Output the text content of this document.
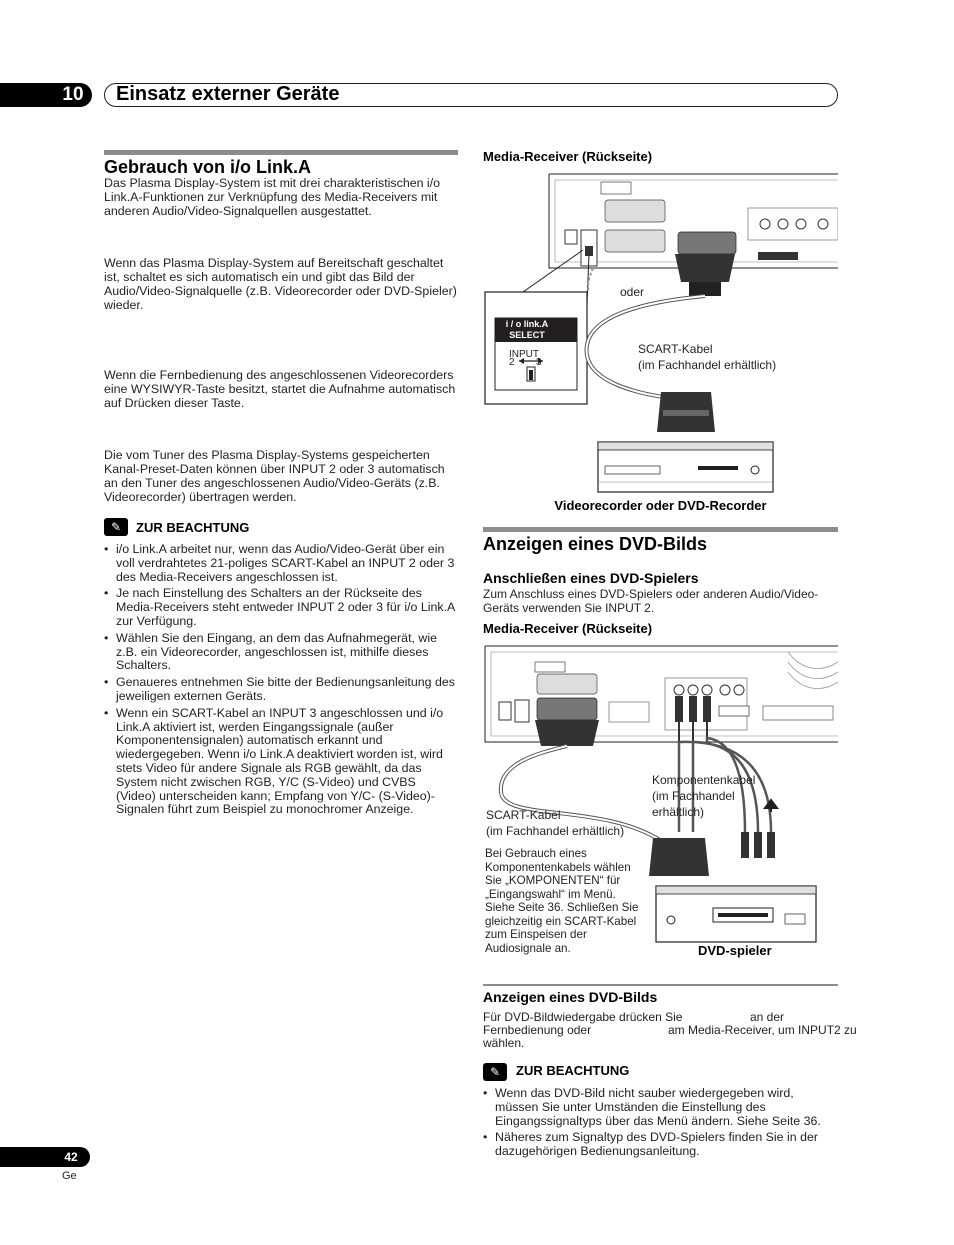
10 Einsatz externer Geräte
Gebrauch von i/o Link.A
Das Plasma Display-System ist mit drei charakteristischen i/o Link.A-Funktionen zur Verknüpfung des Media-Receivers mit anderen Audio/Video-Signalquellen ausgestattet.
Wenn das Plasma Display-System auf Bereitschaft geschaltet ist, schaltet es sich automatisch ein und gibt das Bild der Audio/Video-Signalquelle (z.B. Videorecorder oder DVD-Spieler) wieder.
Wenn die Fernbedienung des angeschlossenen Videorecorders eine WYSIWYR-Taste besitzt, startet die Aufnahme automatisch auf Drücken dieser Taste.
Die vom Tuner des Plasma Display-Systems gespeicherten Kanal-Preset-Daten können über INPUT 2 oder 3 automatisch an den Tuner des angeschlossenen Audio/Video-Geräts (z.B. Videorecorder) übertragen werden.
✎	ZUR BEACHTUNG
• i/o Link.A arbeitet nur, wenn das Audio/Video-Gerät über ein voll verdrahtetes 21-poliges SCART-Kabel an INPUT 2 oder 3 des Media-Receivers angeschlossen ist.
• Je nach Einstellung des Schalters an der Rückseite des Media-Receivers steht entweder INPUT 2 oder 3 für i/o Link.A zur Verfügung.
• Wählen Sie den Eingang, an dem das Aufnahmegerät, wie z.B. ein Videorecorder, angeschlossen ist, mithilfe dieses Schalters.
• Genaueres entnehmen Sie bitte der Bedienungsanleitung des jeweiligen externen Geräts.
• Wenn ein SCART-Kabel an INPUT 3 angeschlossen und i/o Link.A aktiviert ist, werden Eingangssignale (außer Komponentensignalen) automatisch erkannt und wiedergegeben. Wenn i/o Link.A deaktiviert worden ist, wird stets Video für andere Signale als RGB gewählt, da das System nicht zwischen RGB, Y/C (S-Video) und CVBS (Video) unterscheiden kann; Empfang von Y/C- (S-Video)-Signalen führt zum Beispiel zu monochromer Anzeige.
Media-Receiver (Rückseite)
i / o link.A SELECT
INPUT
2 3
oder
SCART-Kabel
(im Fachhandel erhältlich)
Videorecorder oder DVD-Recorder
Anzeigen eines DVD-Bilds
Anschließen eines DVD-Spielers
Zum Anschluss eines DVD-Spielers oder anderen Audio/Video-Geräts verwenden Sie INPUT 2.
Media-Receiver (Rückseite)
Komponentenkabel
(im Fachhandel
erhältlich)
SCART-Kabel
(im Fachhandel erhältlich)
Bei Gebrauch eines Komponentenkabels wählen Sie „KOMPONENTEN“ für „Eingangswahl“ im Menü. Siehe Seite 36. Schließen Sie gleichzeitig ein SCART-Kabel zum Einspeisen der Audiosignale an.	DVD-spieler
Anzeigen eines DVD-Bilds
Für DVD-Bildwiedergabe drücken Sie	an der
Fernbedienung oder	am Media-Receiver, um INPUT2 zu
wählen.
✎	ZUR BEACHTUNG
• Wenn das DVD-Bild nicht sauber wiedergegeben wird, müssen Sie unter Umständen die Einstellung des Eingangssignaltyps über das Menü ändern. Siehe Seite 36.
• Näheres zum Signaltyp des DVD-Spielers finden Sie in der dazugehörigen Bedienungsanleitung.
42
Ge
